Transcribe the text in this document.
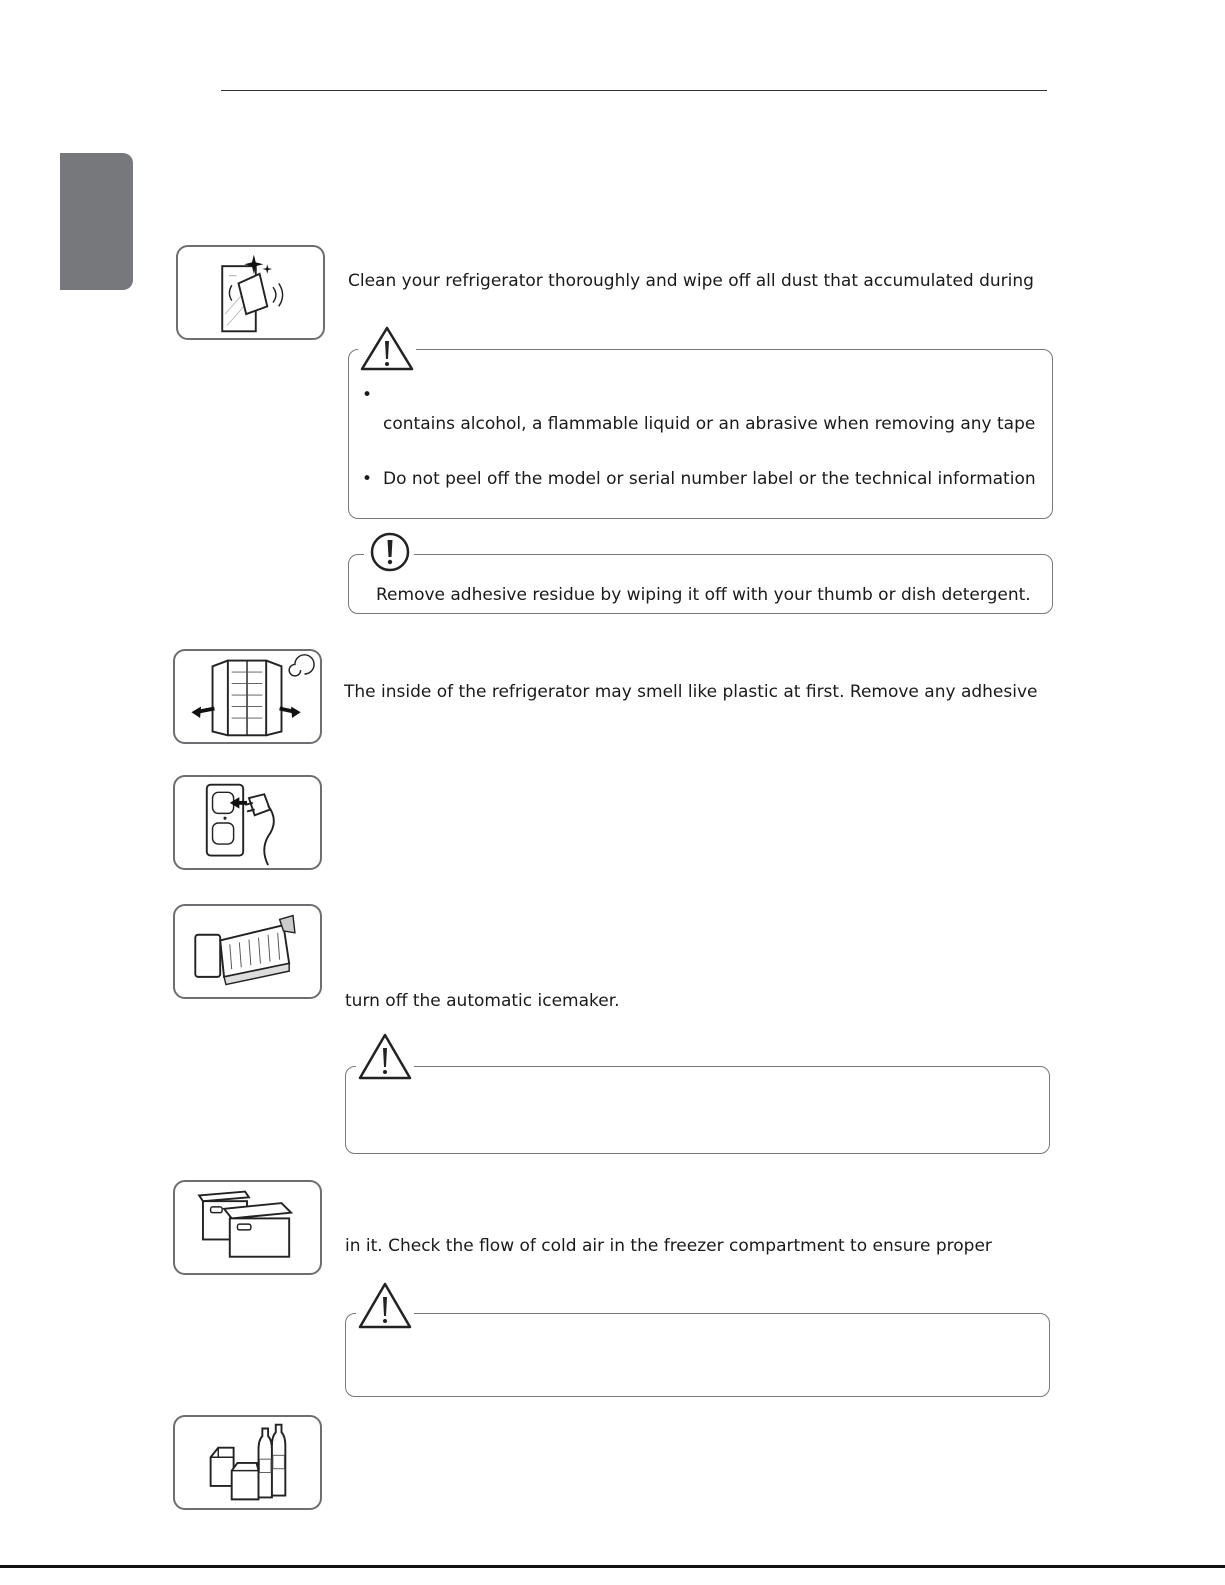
Clean your refrigerator thoroughly and wipe off all dust that accumulated during
•
contains alcohol, a flammable liquid or an abrasive when removing any tape
• Do not peel off the model or serial number label or the technical information
Remove adhesive residue by wiping it off with your thumb or dish detergent.
The inside of the refrigerator may smell like plastic at first. Remove any adhesive
turn off the automatic icemaker.
in it. Check the flow of cold air in the freezer compartment to ensure proper
